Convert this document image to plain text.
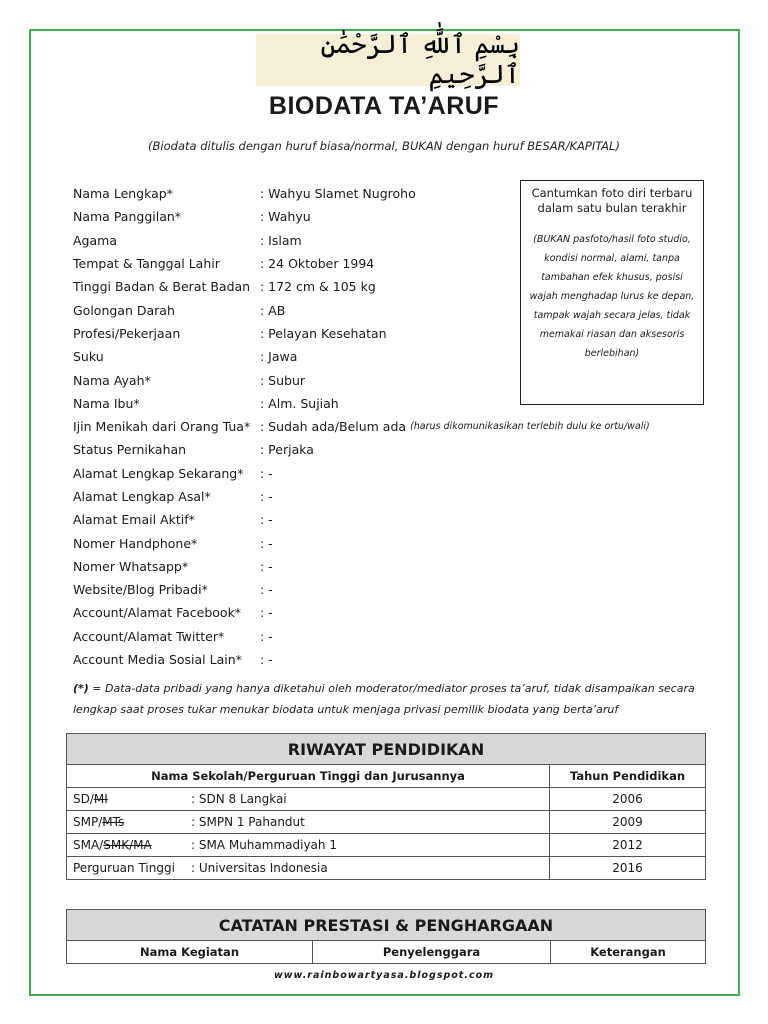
بِسْمِ ٱللَّٰهِ ٱلرَّحْمَٰنِ ٱلرَّحِيمِ
BIODATA TA’ARUF
(Biodata ditulis dengan huruf biasa/normal, BUKAN dengan huruf BESAR/KAPITAL)
Nama Lengkap*	: Wahyu Slamet Nugroho
Nama Panggilan*	: Wahyu
Agama	: Islam
Tempat & Tanggal Lahir	: 24 Oktober 1994
Tinggi Badan & Berat Badan : 172 cm & 105 kg
Golongan Darah	: AB
Profesi/Pekerjaan	: Pelayan Kesehatan
Suku	: Jawa
Nama Ayah*	: Subur
Nama Ibu*	: Alm. Sujiah
Ijin Menikah dari Orang Tua* : Sudah ada/Belum ada (harus dikomunikasikan terlebih dulu ke ortu/wali)
Status Pernikahan	: Perjaka
Alamat Lengkap Sekarang*	: -
Alamat Lengkap Asal*	: -
Alamat Email Aktif*	: -
Nomer Handphone*	: -
Nomer Whatsapp*	: -
Website/Blog Pribadi*	: -
Account/Alamat Facebook*	: -
Account/Alamat Twitter*	: -
Account Media Sosial Lain*	: -
Cantumkan foto diri terbaru dalam satu bulan terakhir
(BUKAN pasfoto/hasil foto studio, kondisi normal, alami, tanpa tambahan efek khusus, posisi wajah menghadap lurus ke depan, tampak wajah secara jelas, tidak memakai riasan dan aksesoris berlebihan)
(*) = Data-data pribadi yang hanya diketahui oleh moderator/mediator proses ta’aruf, tidak disampaikan secara lengkap saat proses tukar menukar biodata untuk menjaga privasi pemilik biodata yang berta’aruf
RIWAYAT PENDIDIKAN	
Nama Sekolah/Perguruan Tinggi dan Jurusannya	Tahun Pendidikan
SD/MI : SDN 8 Langkai	2006
SMP/MTs : SMPN 1 Pahandut	2009
SMA/SMK/MA : SMA Muhammadiyah 1	2012
Perguruan Tinggi : Universitas Indonesia	2016
CATATAN PRESTASI & PENGHARGAAN
Nama Kegiatan	Penyelenggara	Keterangan
www.rainbowartyasa.blogspot.com
